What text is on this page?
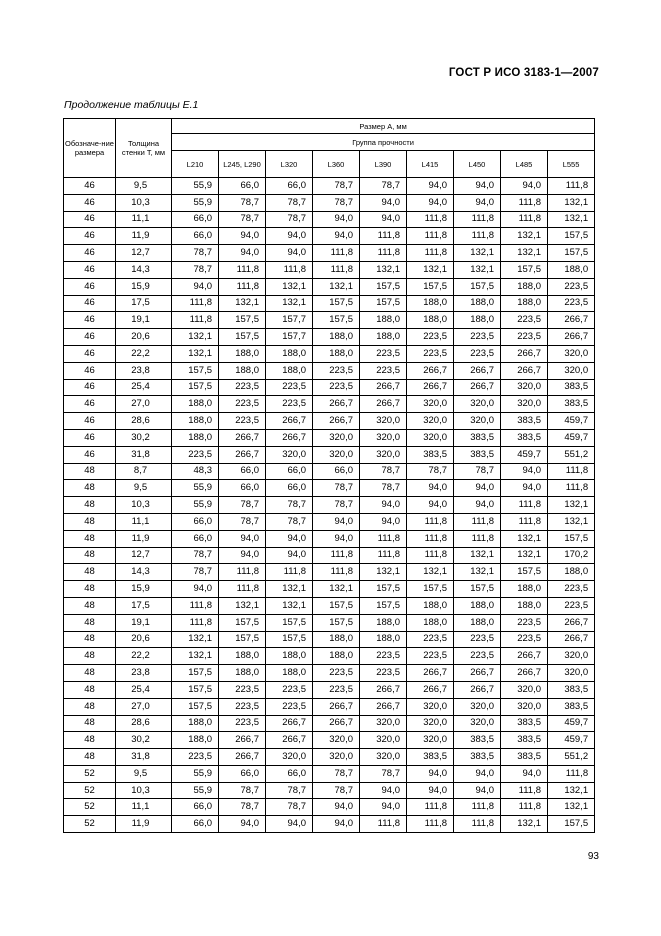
ГОСТ Р ИСО 3183-1—2007
Продолжение таблицы Е.1
Обозначе-ние размера	Толщина стенки T, мм	Размер A, мм								
		Группа прочности								
		L210	L245, L290	L320	L360	L390	L415	L450	L485	L555
46	9,5	55,9	66,0	66,0	78,7	78,7	94,0	94,0	94,0	111,8
46	10,3	55,9	78,7	78,7	78,7	94,0	94,0	94,0	111,8	132,1
46	11,1	66,0	78,7	78,7	94,0	94,0	111,8	111,8	111,8	132,1
46	11,9	66,0	94,0	94,0	94,0	111,8	111,8	111,8	132,1	157,5
46	12,7	78,7	94,0	94,0	111,8	111,8	111,8	132,1	132,1	157,5
46	14,3	78,7	111,8	111,8	111,8	132,1	132,1	132,1	157,5	188,0
46	15,9	94,0	111,8	132,1	132,1	157,5	157,5	157,5	188,0	223,5
46	17,5	111,8	132,1	132,1	157,5	157,5	188,0	188,0	188,0	223,5
46	19,1	111,8	157,5	157,7	157,5	188,0	188,0	188,0	223,5	266,7
46	20,6	132,1	157,5	157,7	188,0	188,0	223,5	223,5	223,5	266,7
46	22,2	132,1	188,0	188,0	188,0	223,5	223,5	223,5	266,7	320,0
46	23,8	157,5	188,0	188,0	223,5	223,5	266,7	266,7	266,7	320,0
46	25,4	157,5	223,5	223,5	223,5	266,7	266,7	266,7	320,0	383,5
46	27,0	188,0	223,5	223,5	266,7	266,7	320,0	320,0	320,0	383,5
46	28,6	188,0	223,5	266,7	266,7	320,0	320,0	320,0	383,5	459,7
46	30,2	188,0	266,7	266,7	320,0	320,0	320,0	383,5	383,5	459,7
46	31,8	223,5	266,7	320,0	320,0	320,0	383,5	383,5	459,7	551,2
48	8,7	48,3	66,0	66,0	66,0	78,7	78,7	78,7	94,0	111,8
48	9,5	55,9	66,0	66,0	78,7	78,7	94,0	94,0	94,0	111,8
48	10,3	55,9	78,7	78,7	78,7	94,0	94,0	94,0	111,8	132,1
48	11,1	66,0	78,7	78,7	94,0	94,0	111,8	111,8	111,8	132,1
48	11,9	66,0	94,0	94,0	94,0	111,8	111,8	111,8	132,1	157,5
48	12,7	78,7	94,0	94,0	111,8	111,8	111,8	132,1	132,1	170,2
48	14,3	78,7	111,8	111,8	111,8	132,1	132,1	132,1	157,5	188,0
48	15,9	94,0	111,8	132,1	132,1	157,5	157,5	157,5	188,0	223,5
48	17,5	111,8	132,1	132,1	157,5	157,5	188,0	188,0	188,0	223,5
48	19,1	111,8	157,5	157,5	157,5	188,0	188,0	188,0	223,5	266,7
48	20,6	132,1	157,5	157,5	188,0	188,0	223,5	223,5	223,5	266,7
48	22,2	132,1	188,0	188,0	188,0	223,5	223,5	223,5	266,7	320,0
48	23,8	157,5	188,0	188,0	223,5	223,5	266,7	266,7	266,7	320,0
48	25,4	157,5	223,5	223,5	223,5	266,7	266,7	266,7	320,0	383,5
48	27,0	157,5	223,5	223,5	266,7	266,7	320,0	320,0	320,0	383,5
48	28,6	188,0	223,5	266,7	266,7	320,0	320,0	320,0	383,5	459,7
48	30,2	188,0	266,7	266,7	320,0	320,0	320,0	383,5	383,5	459,7
48	31,8	223,5	266,7	320,0	320,0	320,0	383,5	383,5	383,5	551,2
52	9,5	55,9	66,0	66,0	78,7	78,7	94,0	94,0	94,0	111,8
52	10,3	55,9	78,7	78,7	78,7	94,0	94,0	94,0	111,8	132,1
52	11,1	66,0	78,7	78,7	94,0	94,0	111,8	111,8	111,8	132,1
52	11,9	66,0	94,0	94,0	94,0	111,8	111,8	111,8	132,1	157,5
93
